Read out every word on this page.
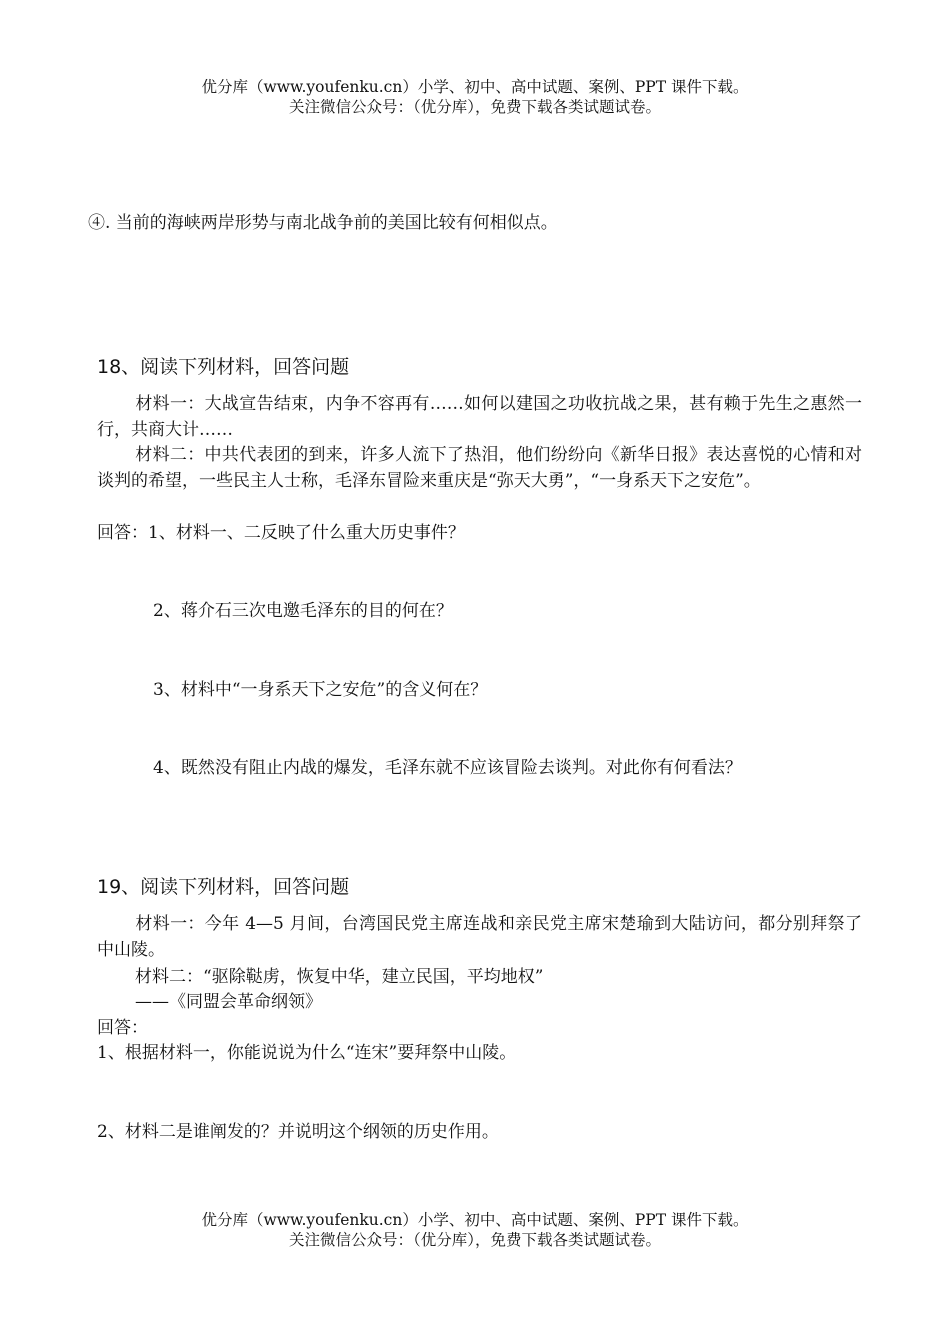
优分库（www.youfenku.cn）小学、初中、高中试题、案例、PPT 课件下载。
关注微信公众号：（优分库），免费下载各类试题试卷。
④. 当前的海峡两岸形势与南北战争前的美国比较有何相似点。
18、阅读下列材料，回答问题
材料一：大战宣告结束，内争不容再有……如何以建国之功收抗战之果，甚有赖于先生之惠然一行，共商大计……
材料二：中共代表团的到来，许多人流下了热泪，他们纷纷向《新华日报》表达喜悦的心情和对谈判的希望，一些民主人士称，毛泽东冒险来重庆是“弥天大勇”，“一身系天下之安危”。
回答：1、材料一、二反映了什么重大历史事件？
2、蒋介石三次电邀毛泽东的目的何在？
3、材料中“一身系天下之安危”的含义何在？
4、既然没有阻止内战的爆发，毛泽东就不应该冒险去谈判。对此你有何看法？
19、阅读下列材料，回答问题
材料一：今年 4—5 月间，台湾国民党主席连战和亲民党主席宋楚瑜到大陆访问，都分别拜祭了中山陵。
材料二：“驱除鞑虏，恢复中华，建立民国，平均地权”
——《同盟会革命纲领》
回答：
1、根据材料一，你能说说为什么“连宋”要拜祭中山陵。
2、材料二是谁阐发的？并说明这个纲领的历史作用。
优分库（www.youfenku.cn）小学、初中、高中试题、案例、PPT 课件下载。
关注微信公众号：（优分库），免费下载各类试题试卷。
